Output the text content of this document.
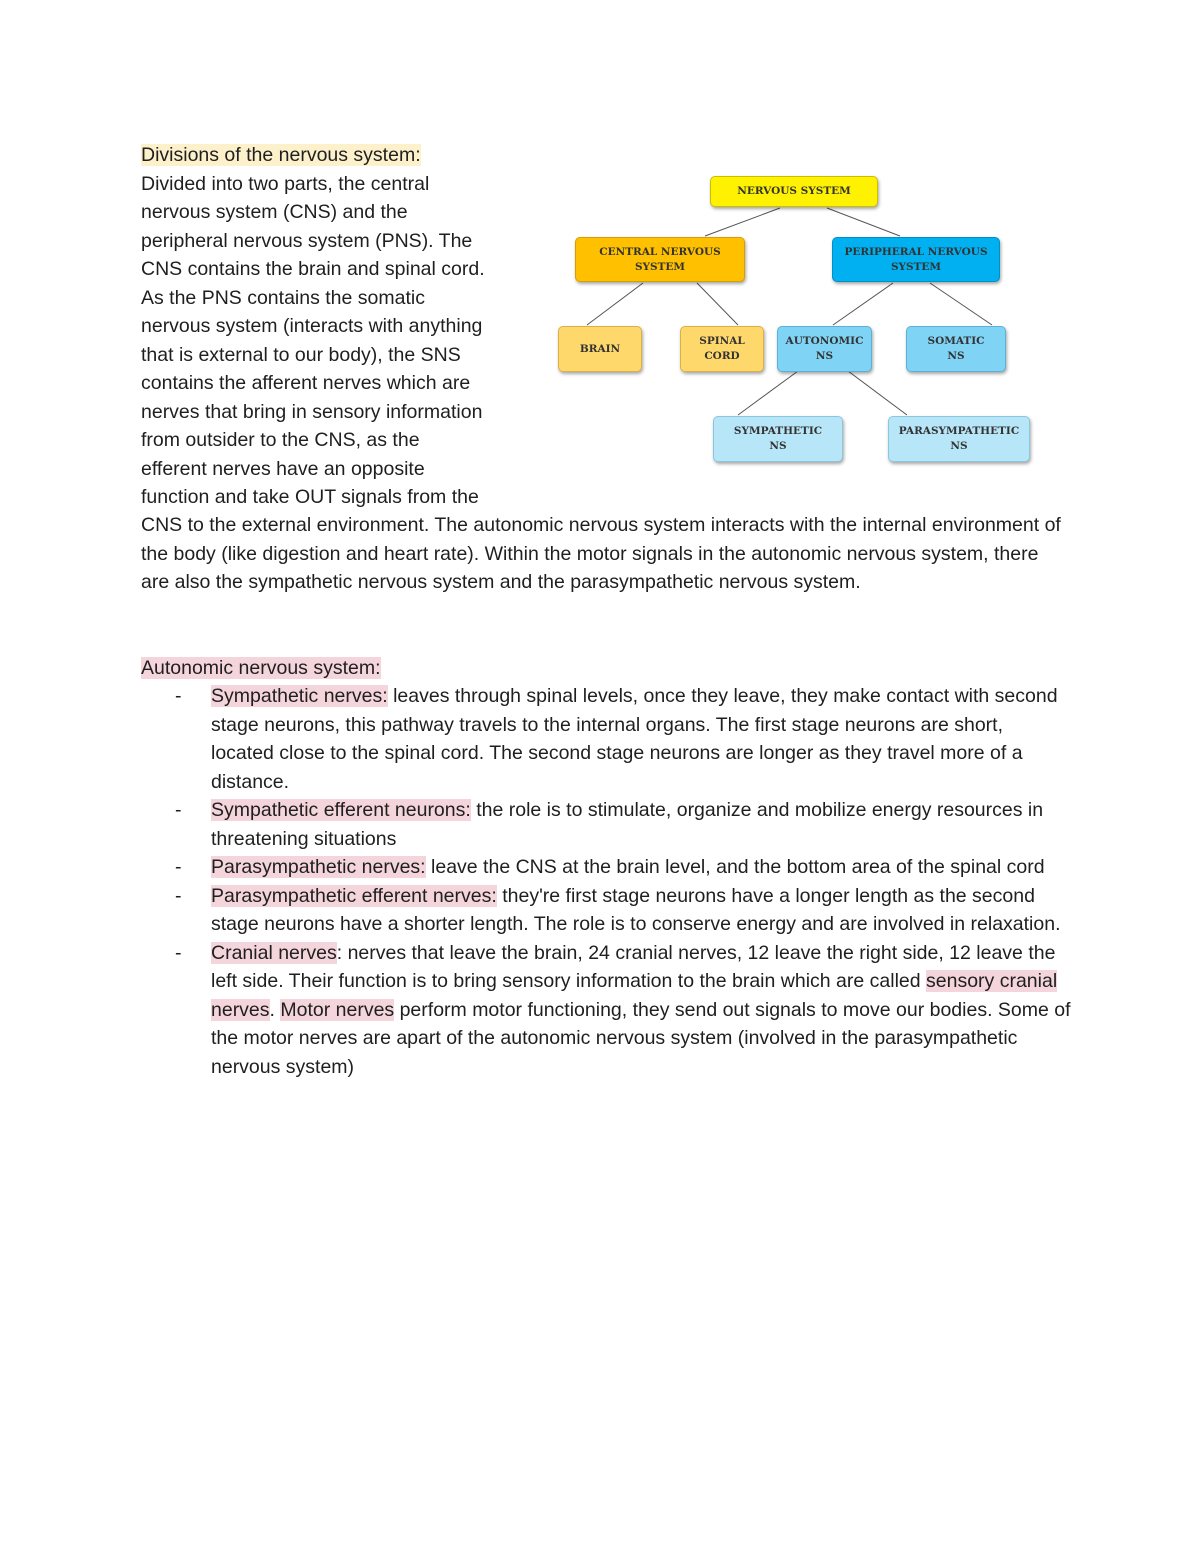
Divisions of the nervous system:
Divided into two parts, the central
nervous system (CNS) and the
peripheral nervous system (PNS). The
CNS contains the brain and spinal cord.
As the PNS contains the somatic
nervous system (interacts with anything
that is external to our body), the SNS
contains the afferent nerves which are
nerves that bring in sensory information
from outsider to the CNS, as the
efferent nerves have an opposite
function and take OUT signals from the
CNS to the external environment. The autonomic nervous system interacts with the internal environment of the body (like digestion and heart rate). Within the motor signals in the autonomic nervous system, there are also the sympathetic nervous system and the parasympathetic nervous system.
NERVOUS SYSTEM
CENTRAL NERVOUS
SYSTEM
PERIPHERAL NERVOUS
SYSTEM
BRAIN
SPINAL
CORD
AUTONOMIC
NS
SOMATIC
NS
SYMPATHETIC
NS
PARASYMPATHETIC
NS
Autonomic nervous system:
- Sympathetic nerves: leaves through spinal levels, once they leave, they make contact with second stage neurons, this pathway travels to the internal organs. The first stage neurons are short, located close to the spinal cord. The second stage neurons are longer as they travel more of a distance.
- Sympathetic efferent neurons: the role is to stimulate, organize and mobilize energy resources in threatening situations
- Parasympathetic nerves: leave the CNS at the brain level, and the bottom area of the spinal cord
- Parasympathetic efferent nerves: they're first stage neurons have a longer length as the second stage neurons have a shorter length. The role is to conserve energy and are involved in relaxation.
- Cranial nerves: nerves that leave the brain, 24 cranial nerves, 12 leave the right side, 12 leave the left side. Their function is to bring sensory information to the brain which are called sensory cranial nerves. Motor nerves perform motor functioning, they send out signals to move our bodies. Some of the motor nerves are apart of the autonomic nervous system (involved in the parasympathetic nervous system)
